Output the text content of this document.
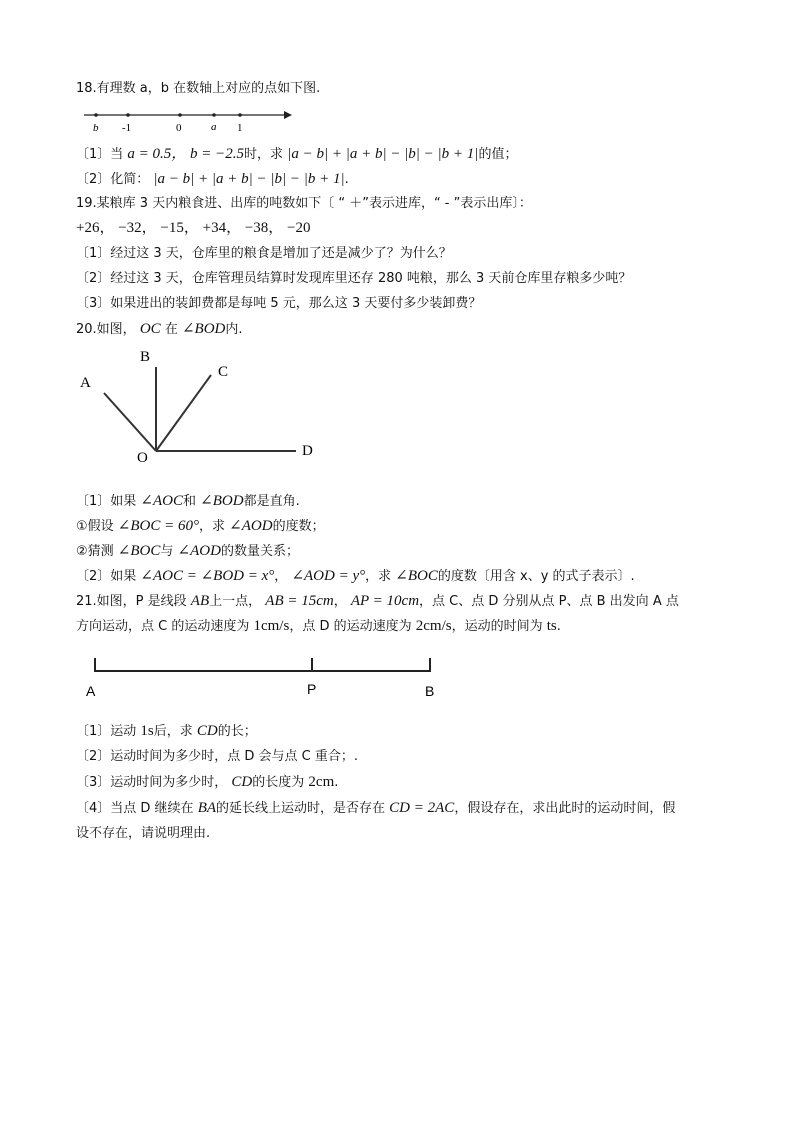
18.有理数 a，b 在数轴上对应的点如下图.
b -1	0	a 1
〔1〕当 a = 0.5， b = −2.5时，求 |a − b| + |a + b| − |b| − |b + 1|的值；
〔2〕化简： |a − b| + |a + b| − |b| − |b + 1|.
19.某粮库 3 天内粮食进、出库的吨数如下〔 “ ＋”表示进库，“ - ”表示出库〕：
+26， −32， −15， +34， −38， −20
〔1〕经过这 3 天，仓库里的粮食是增加了还是减少了？为什么？
〔2〕经过这 3 天，仓库管理员结算时发现库里还存 280 吨粮，那么 3 天前仓库里存粮多少吨？
〔3〕如果进出的装卸费都是每吨 5 元，那么这 3 天要付多少装卸费？
20.如图， OC 在 ∠BOD内.
A
B
C
D
O
〔1〕如果 ∠AOC和 ∠BOD都是直角.
①假设 ∠BOC = 60°，求 ∠AOD的度数；
②猜测 ∠BOC与 ∠AOD的数量关系；
〔2〕如果 ∠AOC = ∠BOD = x°， ∠AOD = y°，求 ∠BOC的度数〔用含 x、y 的式子表示〕.
21.如图，P 是线段 AB上一点， AB = 15cm， AP = 10cm，点 C、点 D 分别从点 P、点 B 出发向 A 点
方向运动，点 C 的运动速度为 1cm/s，点 D 的运动速度为 2cm/s，运动的时间为 ts.
A	P	B
〔1〕运动 1s后，求 CD的长；
〔2〕运动时间为多少时，点 D 会与点 C 重合；.
〔3〕运动时间为多少时， CD的长度为 2cm.
〔4〕当点 D 继续在 BA的延长线上运动时，是否存在 CD = 2AC，假设存在，求出此时的运动时间，假
设不存在，请说明理由.
